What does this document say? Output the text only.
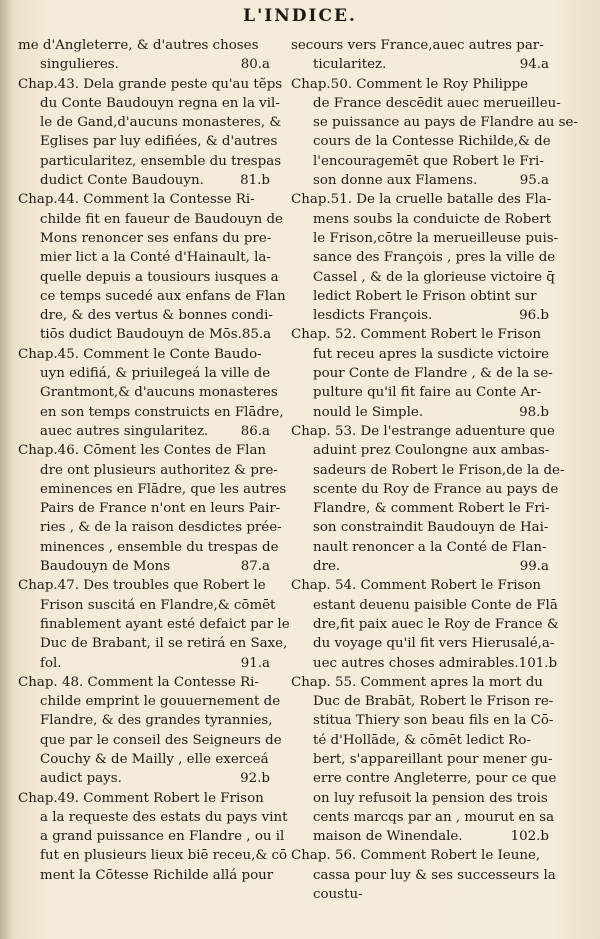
L'INDICE.
me d'Angleterre, & d'autres choses
80.a
singulieres.
Chap.43. Dela grande peste qu'au tẽps
du Conte Baudouyn regna en la vil-
le de Gand,d'aucuns monasteres, &
Eglises par luy edifiées, & d'autres
particularitez, ensemble du trespas
81.b
dudict Conte Baudouyn.
Chap.44. Comment la Contesse Ri-
childe fit en faueur de Baudouyn de
Mons renoncer ses enfans du pre-
mier lict a la Conté d'Hainault, la-
quelle depuis a tousiours iusques a
ce temps sucedé aux enfans de Flan
dre, & des vertus & bonnes condi-
tiōs dudict Baudouyn de Mōs.85.a
Chap.45. Comment le Conte Baudo-
uyn edifiá, & priuilegeá la ville de
Grantmont,& d'aucuns monasteres
en son temps construicts en Flādre,
86.a
auec autres singularitez.
Chap.46. Cōment les Contes de Flan
dre ont plusieurs authoritez & pre-
eminences en Flādre, que les autres
Pairs de France n'ont en leurs Pair-
ries , & de la raison desdictes prée-
minences , ensemble du trespas de
87.a
Baudouyn de Mons
Chap.47. Des troubles que Robert le
Frison suscitá en Flandre,& cōmēt
finablement ayant esté defaict par le
Duc de Brabant, il se retirá en Saxe,
91.a
fol.
Chap. 48. Comment la Contesse Ri-
childe emprint le gouuernement de
Flandre, & des grandes tyrannies,
que par le conseil des Seigneurs de
Couchy & de Mailly , elle exerceá
92.b
audict pays.
Chap.49. Comment Robert le Frison
a la requeste des estats du pays vint
a grand puissance en Flandre , ou il
fut en plusieurs lieux biē receu,& cō
ment la Cōtesse Richilde allá pour
secours vers France,auec autres par-
94.a
ticularitez.
Chap.50. Comment le Roy Philippe
de France descēdit auec merueilleu-
se puissance au pays de Flandre au se-
cours de la Contesse Richilde,& de
l'encouragemēt que Robert le Fri-
95.a
son donne aux Flamens.
Chap.51. De la cruelle batalle des Fla-
mens soubs la conduicte de Robert
le Frison,cōtre la merueilleuse puis-
sance des François , pres la ville de
Cassel , & de la glorieuse victoire q̄
ledict Robert le Frison obtint sur
96.b
lesdicts François.
Chap. 52. Comment Robert le Frison
fut receu apres la susdicte victoire
pour Conte de Flandre , & de la se-
pulture qu'il fit faire au Conte Ar-
98.b
nould le Simple.
Chap. 53. De l'estrange aduenture que
aduint prez Coulongne aux ambas-
sadeurs de Robert le Frison,de la de-
scente du Roy de France au pays de
Flandre, & comment Robert le Fri-
son constraindit Baudouyn de Hai-
nault renoncer a la Conté de Flan-
99.a
dre.
Chap. 54. Comment Robert le Frison
estant deuenu paisible Conte de Flā
dre,fit paix auec le Roy de France &
du voyage qu'il fit vers Hierusalé,a-
uec autres choses admirables.101.b
Chap. 55. Comment apres la mort du
Duc de Brabāt, Robert le Frison re-
stitua Thiery son beau fils en la Cō-
té d'Hollāde, & cōmēt ledict Ro-
bert, s'appareillant pour mener gu-
erre contre Angleterre, pour ce que
on luy refusoit la pension des trois
cents marcqs par an , mourut en sa
102.b
maison de Winendale.
Chap. 56. Comment Robert le Ieune,
cassa pour luy & ses successeurs la
coustu-
